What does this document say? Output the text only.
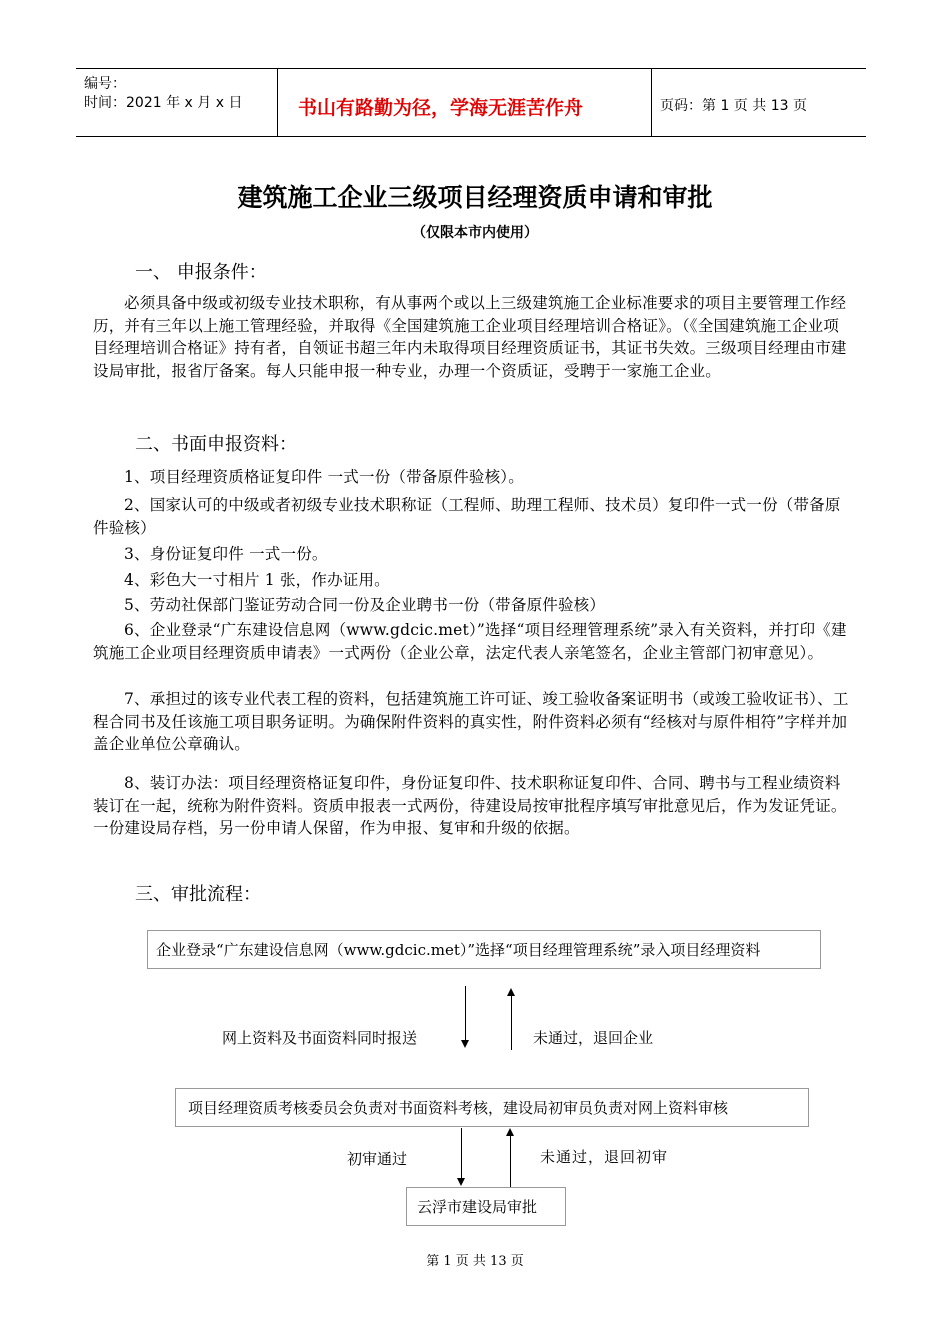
编号：
时间：2021 年 x 月 x 日	书山有路勤为径，学海无涯苦作舟	页码：第 1 页 共 13 页
建筑施工企业三级项目经理资质申请和审批
（仅限本市内使用）
一、 申报条件：
必须具备中级或初级专业技术职称，有从事两个或以上三级建筑施工企业标准要求的项目主要管理工作经历，并有三年以上施工管理经验，并取得《全国建筑施工企业项目经理培训合格证》。（《全国建筑施工企业项目经理培训合格证》持有者，自领证书超三年内未取得项目经理资质证书，其证书失效。三级项目经理由市建设局审批，报省厅备案。每人只能申报一种专业，办理一个资质证，受聘于一家施工企业。
二、书面申报资料：
1、项目经理资质格证复印件 一式一份（带备原件验核）。
2、国家认可的中级或者初级专业技术职称证（工程师、助理工程师、技术员）复印件一式一份（带备原件验核）
3、身份证复印件 一式一份。
4、彩色大一寸相片 1 张，作办证用。
5、劳动社保部门鉴证劳动合同一份及企业聘书一份（带备原件验核）
6、企业登录“广东建设信息网（www.gdcic.met）”选择“项目经理管理系统”录入有关资料，并打印《建筑施工企业项目经理资质申请表》一式两份（企业公章，法定代表人亲笔签名，企业主管部门初审意见）。
7、承担过的该专业代表工程的资料，包括建筑施工许可证、竣工验收备案证明书（或竣工验收证书）、工程合同书及任该施工项目职务证明。为确保附件资料的真实性，附件资料必须有“经核对与原件相符”字样并加盖企业单位公章确认。
8、装订办法：项目经理资格证复印件，身份证复印件、技术职称证复印件、合同、聘书与工程业绩资料装订在一起，统称为附件资料。资质申报表一式两份，待建设局按审批程序填写审批意见后，作为发证凭证。一份建设局存档，另一份申请人保留，作为申报、复审和升级的依据。
三、审批流程：
企业登录“广东建设信息网（www.gdcic.met）”选择“项目经理管理系统”录入项目经理资料
网上资料及书面资料同时报送	未通过，退回企业
项目经理资质考核委员会负责对书面资料考核，建设局初审员负责对网上资料审核
初审通过	未通过，退回初审
云浮市建设局审批
第 1 页 共 13 页
